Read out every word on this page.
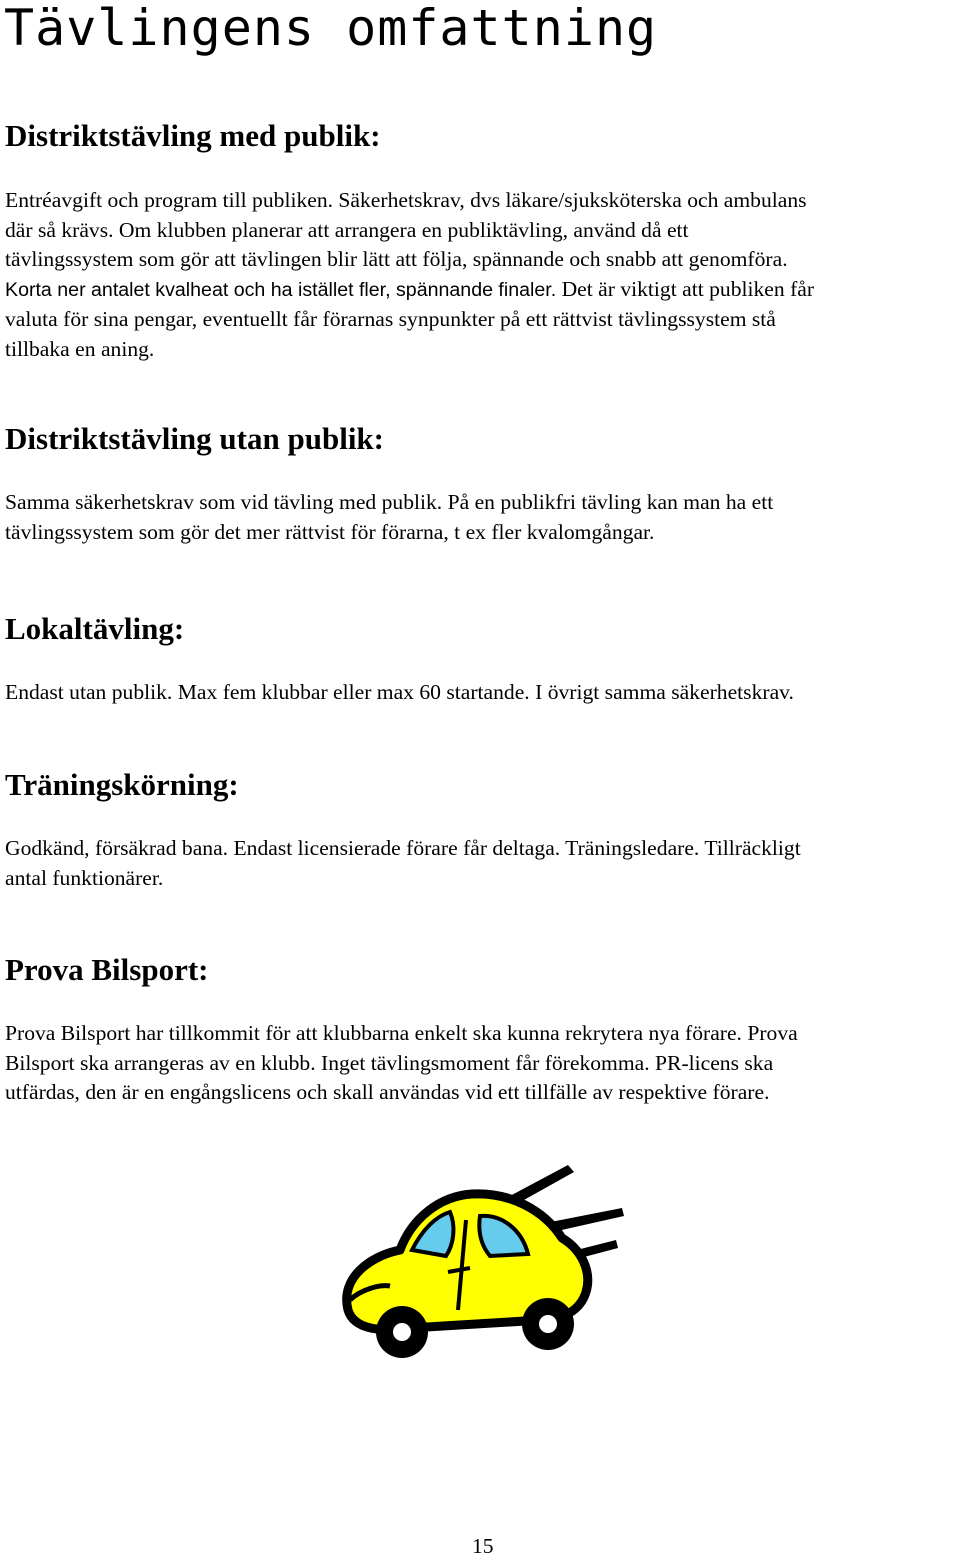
Tävlingens omfattning
Distriktstävling med publik:
Entréavgift och program till publiken. Säkerhetskrav, dvs läkare/sjuksköterska och ambulans
där så krävs. Om klubben planerar att arrangera en publiktävling, använd då ett
tävlingssystem som gör att tävlingen blir lätt att följa, spännande och snabb att genomföra.
Korta ner antalet kvalheat och ha istället fler, spännande finaler. Det är viktigt att publiken får
valuta för sina pengar, eventuellt får förarnas synpunkter på ett rättvist tävlingssystem stå
tillbaka en aning.
Distriktstävling utan publik:
Samma säkerhetskrav som vid tävling med publik. På en publikfri tävling kan man ha ett
tävlingssystem som gör det mer rättvist för förarna, t ex fler kvalomgångar.
Lokaltävling:
Endast utan publik. Max fem klubbar eller max 60 startande. I övrigt samma säkerhetskrav.
Träningskörning:
Godkänd, försäkrad bana. Endast licensierade förare får deltaga. Träningsledare. Tillräckligt
antal funktionärer.
Prova Bilsport:
Prova Bilsport har tillkommit för att klubbarna enkelt ska kunna rekrytera nya förare. Prova
Bilsport ska arrangeras av en klubb. Inget tävlingsmoment får förekomma. PR-licens ska
utfärdas, den är en engångslicens och skall användas vid ett tillfälle av respektive förare.

15
